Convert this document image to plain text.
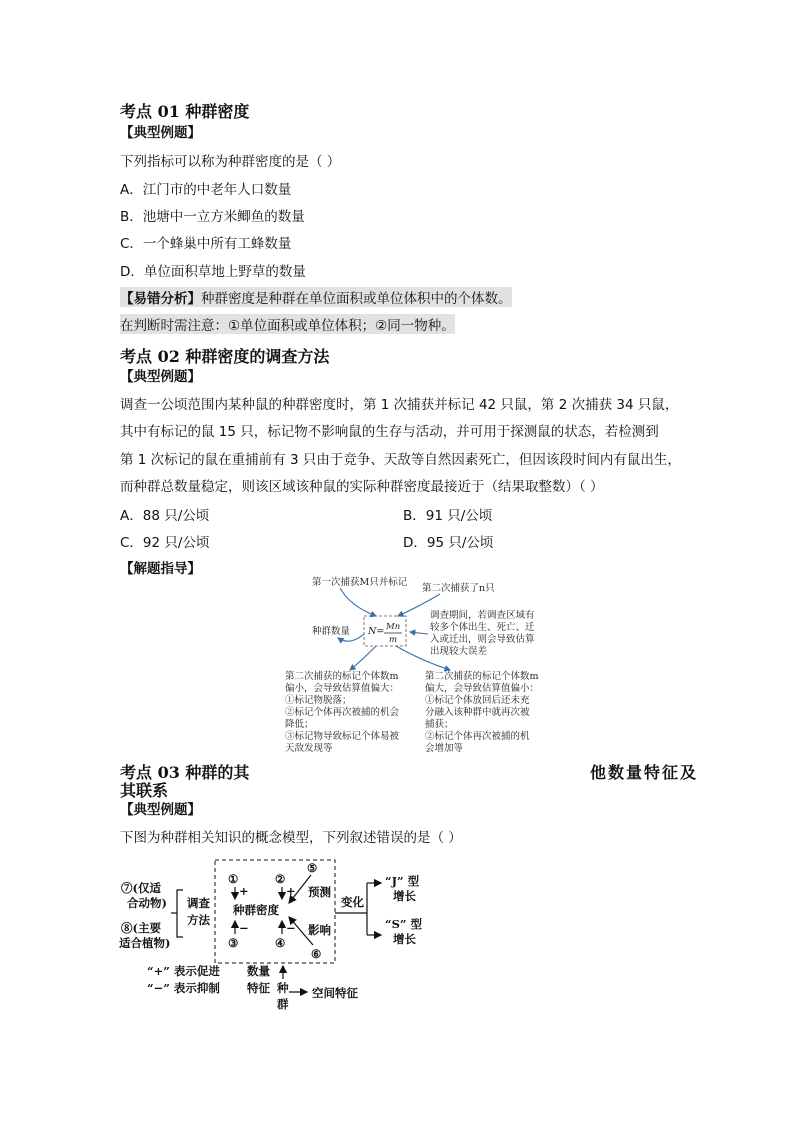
考点 01 种群密度
【典型例题】
下列指标可以称为种群密度的是（ ）
A．江门市的中老年人口数量
B．池塘中一立方米鲫鱼的数量
C．一个蜂巢中所有工蜂数量
D．单位面积草地上野草的数量
【易错分析】种群密度是种群在单位面积或单位体积中的个体数。
在判断时需注意：①单位面积或单位体积；②同一物种。
考点 02 种群密度的调查方法
【典型例题】
调查一公顷范围内某种鼠的种群密度时，第 1 次捕获并标记 42 只鼠，第 2 次捕获 34 只鼠，
其中有标记的鼠 15 只，标记物不影响鼠的生存与活动，并可用于探测鼠的状态，若检测到
第 1 次标记的鼠在重捕前有 3 只由于竞争、天敌等自然因素死亡，但因该段时间内有鼠出生，
而种群总数量稳定，则该区域该种鼠的实际种群密度最接近于（结果取整数）（ ）
A．88 只/公顷	B．91 只/公顷
C．92 只/公顷	D．95 只/公顷
【解题指导】
第一次捕获M只并标记
第二次捕获了n只
种群数量 N= Mn
m
调查期间，若调查区域有
较多个体出生、死亡、迁
入或迁出，则会导致估算
出现较大误差
第二次捕获的标记个体数m
偏小，会导致估算值偏大：
①标记物脱落；
②标记个体再次被捕的机会
降低；
③标记物导致标记个体易被
天敌发现等
第二次捕获的标记个体数m
偏大，会导致估算值偏小：
①标记个体放回后还未充
分融入该种群中就再次被
捕获；
②标记个体再次被捕的机
会增加等
考点 03 种群的其	他数量特征及
其联系
【典型例题】
下图为种群相关知识的概念模型，下列叙述错误的是（ ）
⑦(仅适
合动物)
⑧(主要
适合植物)
调查
方法
①	②
③	④
⑤
⑥
+	+
−	−
种群密度
预测
影响
变化
“J” 型
增长
“S” 型
增长
“+” 表示促进
“−” 表示抑制
数量
特征 种
群
空间特征
